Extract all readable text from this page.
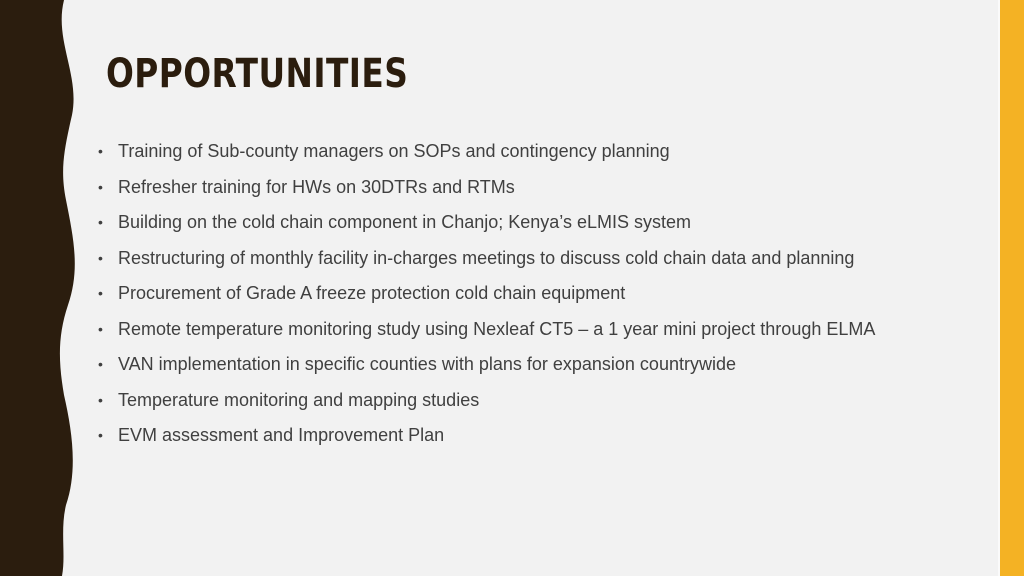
OPPORTUNITIES
• Training of Sub-county managers on SOPs and contingency planning
• Refresher training for HWs on 30DTRs and RTMs
• Building on the cold chain component in Chanjo; Kenya’s eLMIS system
• Restructuring of monthly facility in-charges meetings to discuss cold chain data and planning
• Procurement of Grade A freeze protection cold chain equipment
• Remote temperature monitoring study using Nexleaf CT5 – a 1 year mini project through ELMA
• VAN implementation in specific counties with plans for expansion countrywide
• Temperature monitoring and mapping studies
• EVM assessment and Improvement Plan
